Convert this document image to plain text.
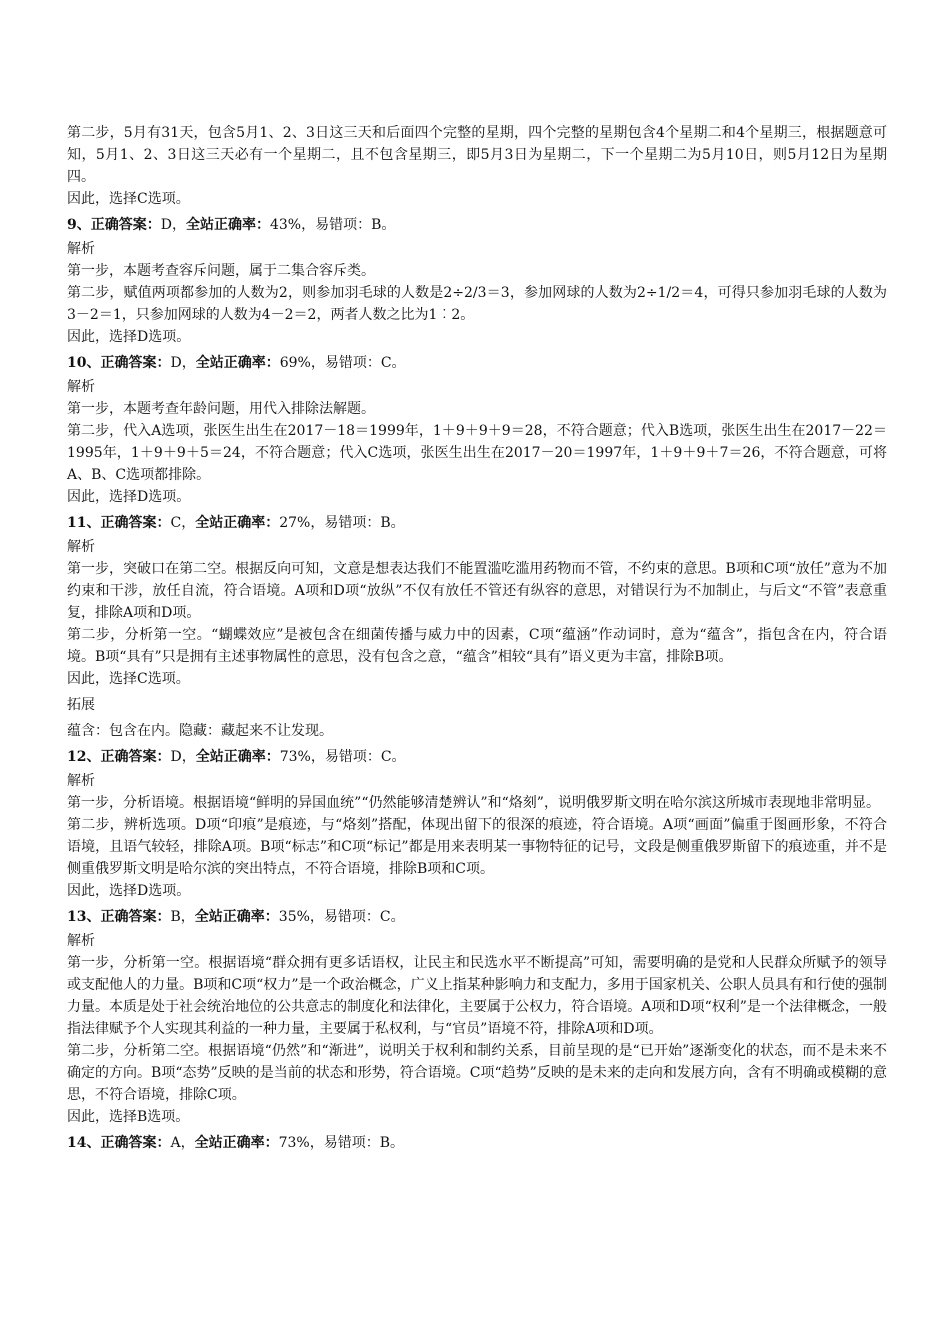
第二步，5月有31天，包含5月1、2、3日这三天和后面四个完整的星期，四个完整的星期包含4个星期二和4个星期三，根据题意可知，5月1、2、3日这三天必有一个星期二，且不包含星期三，即5月3日为星期二，下一个星期二为5月10日，则5月12日为星期四。

因此，选择C选项。

9、正确答案：D，全站正确率：43%，易错项：B。

解析

第一步，本题考查容斥问题，属于二集合容斥类。

第二步，赋值两项都参加的人数为2，则参加羽毛球的人数是2÷2/3＝3，参加网球的人数为2÷1/2＝4，可得只参加羽毛球的人数为3－2＝1，只参加网球的人数为4－2＝2，两者人数之比为1︰2。

因此，选择D选项。

10、正确答案：D，全站正确率：69%，易错项：C。

解析

第一步，本题考查年龄问题，用代入排除法解题。

第二步，代入A选项，张医生出生在2017－18＝1999年，1＋9＋9＋9＝28，不符合题意；代入B选项，张医生出生在2017－22＝1995年，1＋9＋9＋5＝24，不符合题意；代入C选项，张医生出生在2017－20＝1997年，1＋9＋9＋7＝26，不符合题意，可将A、B、C选项都排除。

因此，选择D选项。

11、正确答案：C，全站正确率：27%，易错项：B。

解析

第一步，突破口在第二空。根据反向可知，文意是想表达我们不能置滥吃滥用药物而不管，不约束的意思。B项和C项“放任”意为不加约束和干涉，放任自流，符合语境。A项和D项“放纵”不仅有放任不管还有纵容的意思，对错误行为不加制止，与后文“不管”表意重复，排除A项和D项。

第二步，分析第一空。“蝴蝶效应”是被包含在细菌传播与威力中的因素，C项“蕴涵”作动词时，意为“蕴含”，指包含在内，符合语境。B项“具有”只是拥有主述事物属性的意思，没有包含之意，“蕴含”相较“具有”语义更为丰富，排除B项。

因此，选择C选项。

拓展

蕴含：包含在内。隐藏：藏起来不让发现。

12、正确答案：D，全站正确率：73%，易错项：C。

解析

第一步，分析语境。根据语境“鲜明的异国血统”“仍然能够清楚辨认”和“烙刻”，说明俄罗斯文明在哈尔滨这所城市表现地非常明显。

第二步，辨析选项。D项“印痕”是痕迹，与“烙刻”搭配，体现出留下的很深的痕迹，符合语境。A项“画面”偏重于图画形象，不符合语境，且语气较轻，排除A项。B项“标志”和C项“标记”都是用来表明某一事物特征的记号，文段是侧重俄罗斯留下的痕迹重，并不是侧重俄罗斯文明是哈尔滨的突出特点，不符合语境，排除B项和C项。

因此，选择D选项。

13、正确答案：B，全站正确率：35%，易错项：C。

解析

第一步，分析第一空。根据语境“群众拥有更多话语权，让民主和民选水平不断提高”可知，需要明确的是党和人民群众所赋予的领导或支配他人的力量。B项和C项“权力”是一个政治概念，广义上指某种影响力和支配力，多用于国家机关、公职人员具有和行使的强制力量。本质是处于社会统治地位的公共意志的制度化和法律化，主要属于公权力，符合语境。A项和D项“权利”是一个法律概念，一般指法律赋予个人实现其利益的一种力量，主要属于私权利，与“官员”语境不符，排除A项和D项。

第二步，分析第二空。根据语境“仍然”和“渐进”，说明关于权利和制约关系，目前呈现的是“已开始”逐渐变化的状态，而不是未来不确定的方向。B项“态势”反映的是当前的状态和形势，符合语境。C项“趋势”反映的是未来的走向和发展方向，含有不明确或模糊的意思，不符合语境，排除C项。

因此，选择B选项。

14、正确答案：A，全站正确率：73%，易错项：B。
